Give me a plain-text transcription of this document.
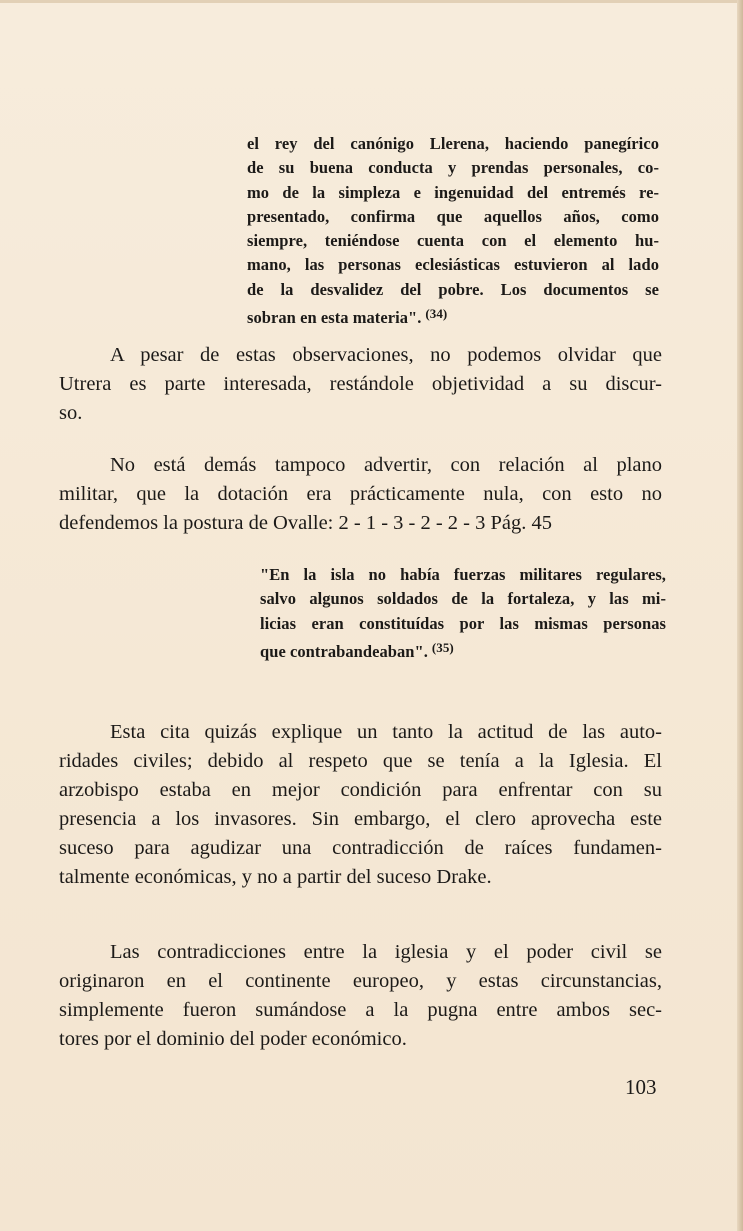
el rey del canónigo Llerena, haciendo panegírico
de su buena conducta y prendas personales, co-
mo de la simpleza e ingenuidad del entremés re-
presentado, confirma que aquellos años, como
siempre, teniéndose cuenta con el elemento hu-
mano, las personas eclesiásticas estuvieron al lado
de la desvalidez del pobre. Los documentos se
sobran en esta materia". $^{(34)}$
A pesar de estas observaciones, no podemos olvidar que
Utrera es parte interesada, restándole objetividad a su discur-
so.
No está demás tampoco advertir, con relación al plano
militar, que la dotación era prácticamente nula, con esto no
defendemos la postura de Ovalle: 2 - 1 - 3 - 2 - 2 - 3 Pág. 45
"En la isla no había fuerzas militares regulares,
salvo algunos soldados de la fortaleza, y las mi-
licias eran constituídas por las mismas personas
que contrabandeaban". $^{(35)}$
Esta cita quizás explique un tanto la actitud de las auto-
ridades civiles; debido al respeto que se tenía a la Iglesia. El
arzobispo estaba en mejor condición para enfrentar con su
presencia a los invasores. Sin embargo, el clero aprovecha este
suceso para agudizar una contradicción de raíces fundamen-
talmente económicas, y no a partir del suceso Drake.
Las contradicciones entre la iglesia y el poder civil se
originaron en el continente europeo, y estas circunstancias,
simplemente fueron sumándose a la pugna entre ambos sec-
tores por el dominio del poder económico.
103
